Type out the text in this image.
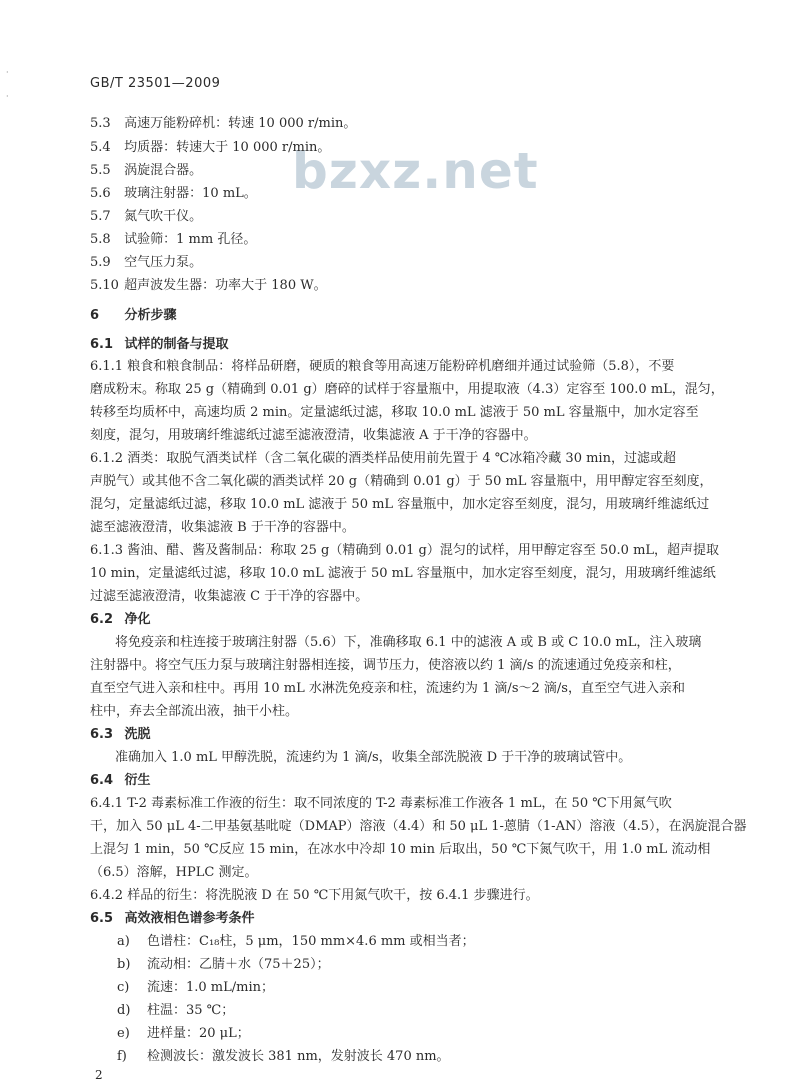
·
·
GB/T 23501—2009
bzxz.net
5.3 高速万能粉碎机：转速 10 000 r/min。
5.4 均质器：转速大于 10 000 r/min。
5.5 涡旋混合器。
5.6 玻璃注射器：10 mL。
5.7 氮气吹干仪。
5.8 试验筛：1 mm 孔径。
5.9 空气压力泵。
5.10 超声波发生器：功率大于 180 W。
6 分析步骤
6.1 试样的制备与提取
6.1.1 粮食和粮食制品：将样品研磨，硬质的粮食等用高速万能粉碎机磨细并通过试验筛（5.8），不要
磨成粉末。称取 25 g（精确到 0.01 g）磨碎的试样于容量瓶中，用提取液（4.3）定容至 100.0 mL，混匀，
转移至均质杯中，高速均质 2 min。定量滤纸过滤，移取 10.0 mL 滤液于 50 mL 容量瓶中，加水定容至
刻度，混匀，用玻璃纤维滤纸过滤至滤液澄清，收集滤液 A 于干净的容器中。
6.1.2 酒类：取脱气酒类试样（含二氧化碳的酒类样品使用前先置于 4 ℃冰箱冷藏 30 min，过滤或超
声脱气）或其他不含二氧化碳的酒类试样 20 g（精确到 0.01 g）于 50 mL 容量瓶中，用甲醇定容至刻度，
混匀，定量滤纸过滤，移取 10.0 mL 滤液于 50 mL 容量瓶中，加水定容至刻度，混匀，用玻璃纤维滤纸过
滤至滤液澄清，收集滤液 B 于干净的容器中。
6.1.3 酱油、醋、酱及酱制品：称取 25 g（精确到 0.01 g）混匀的试样，用甲醇定容至 50.0 mL，超声提取
10 min，定量滤纸过滤，移取 10.0 mL 滤液于 50 mL 容量瓶中，加水定容至刻度，混匀，用玻璃纤维滤纸
过滤至滤液澄清，收集滤液 C 于干净的容器中。
6.2 净化
将免疫亲和柱连接于玻璃注射器（5.6）下，准确移取 6.1 中的滤液 A 或 B 或 C 10.0 mL，注入玻璃
注射器中。将空气压力泵与玻璃注射器相连接，调节压力，使溶液以约 1 滴/s 的流速通过免疫亲和柱，
直至空气进入亲和柱中。再用 10 mL 水淋洗免疫亲和柱，流速约为 1 滴/s～2 滴/s，直至空气进入亲和
柱中，弃去全部流出液，抽干小柱。
6.3 洗脱
准确加入 1.0 mL 甲醇洗脱，流速约为 1 滴/s，收集全部洗脱液 D 于干净的玻璃试管中。
6.4 衍生
6.4.1 T-2 毒素标准工作液的衍生：取不同浓度的 T-2 毒素标准工作液各 1 mL，在 50 ℃下用氮气吹
干，加入 50 μL 4-二甲基氨基吡啶（DMAP）溶液（4.4）和 50 μL 1-蒽腈（1-AN）溶液（4.5），在涡旋混合器
上混匀 1 min，50 ℃反应 15 min，在冰水中冷却 10 min 后取出，50 ℃下氮气吹干，用 1.0 mL 流动相
（6.5）溶解，HPLC 测定。
6.4.2 样品的衍生：将洗脱液 D 在 50 ℃下用氮气吹干，按 6.4.1 步骤进行。
6.5 高效液相色谱参考条件
a) 色谱柱：C₁₈柱，5 μm，150 mm×4.6 mm 或相当者；
b) 流动相：乙腈＋水（75＋25）；
c) 流速：1.0 mL/min；
d) 柱温：35 ℃；
e) 进样量：20 μL；
f) 检测波长：激发波长 381 nm，发射波长 470 nm。
2
